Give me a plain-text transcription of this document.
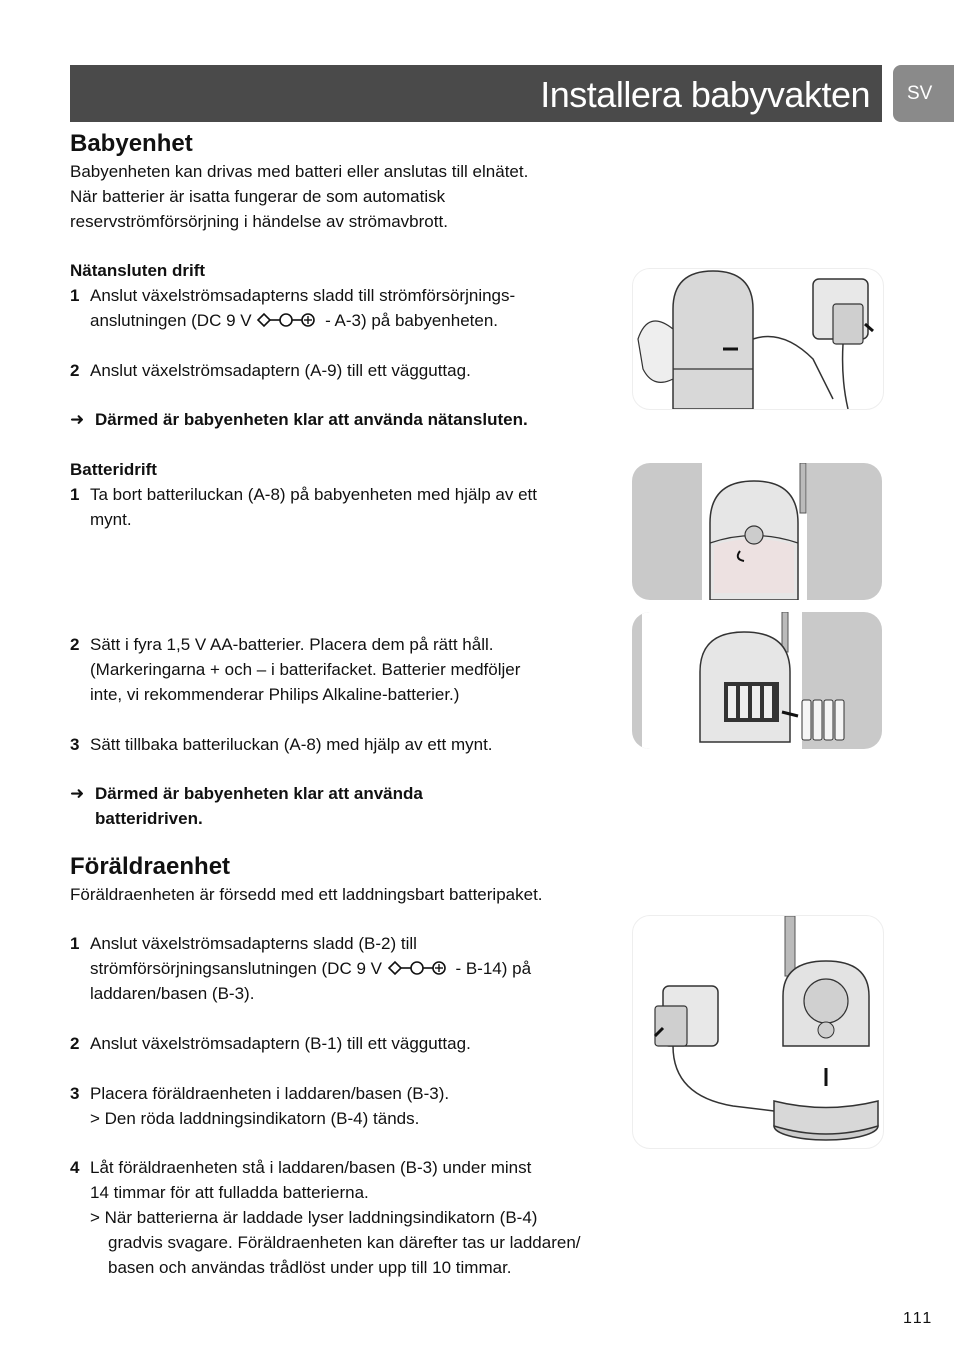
Installera babyvakten	SV
Babyenhet
Babyenheten kan drivas med batteri eller anslutas till elnätet.
När batterier är isatta fungerar de som automatisk
reservströmförsörjning i händelse av strömavbrott.
Nätansluten drift
1 Anslut växelströmsadapterns sladd till strömförsörjnings-
anslutningen (DC 9 V	- A-3) på babyenheten.
2 Anslut växelströmsadaptern (A-9) till ett vägguttag.
➜ Därmed är babyenheten klar att använda nätansluten.
Batteridrift
1 Ta bort batteriluckan (A-8) på babyenheten med hjälp av ett
mynt.
2 Sätt i fyra 1,5 V AA-batterier. Placera dem på rätt håll.
(Markeringarna + och – i batterifacket. Batterier medföljer
inte, vi rekommenderar Philips Alkaline-batterier.)
3 Sätt tillbaka batteriluckan (A-8) med hjälp av ett mynt.
➜ Därmed är babyenheten klar att använda
batteridriven.
Föräldraenhet
Föräldraenheten är försedd med ett laddningsbart batteripaket.
1 Anslut växelströmsadapterns sladd (B-2) till
strömförsörjningsanslutningen (DC 9 V	- B-14) på
laddaren/basen (B-3).
2 Anslut växelströmsadaptern (B-1) till ett vägguttag.
3 Placera föräldraenheten i laddaren/basen (B-3).
> Den röda laddningsindikatorn (B-4) tänds.
4 Låt föräldraenheten stå i laddaren/basen (B-3) under minst
14 timmar för att fulladda batterierna.
> När batterierna är laddade lyser laddningsindikatorn (B-4)
gradvis svagare. Föräldraenheten kan därefter tas ur laddaren/
basen och användas trådlöst under upp till 10 timmar.
111
